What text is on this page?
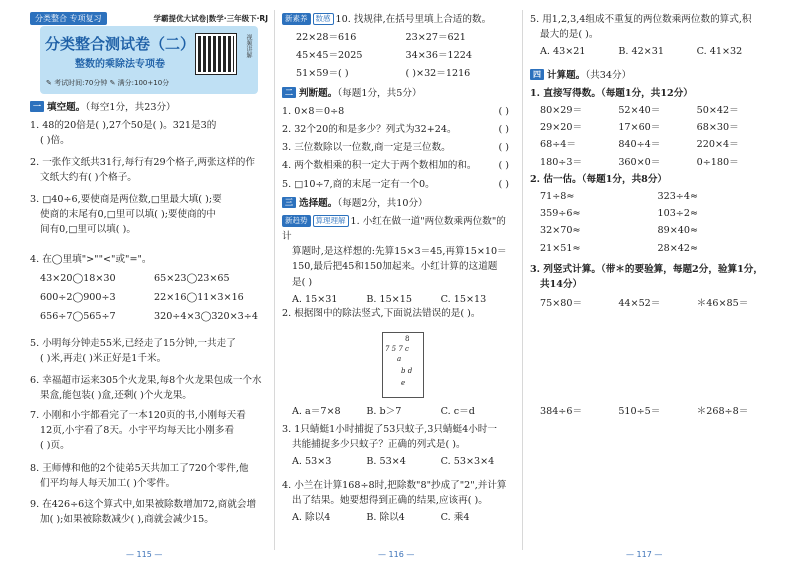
分类整合 专项复习	学霸提优大试卷|数学·三年级下·RJ
分类整合测试卷（二）
整数的乘除法专项卷
✎ 考试时间:70分钟 ✎ 满分:100+10分
视频讲解
一 填空题。（每空1分，共23分）
1. 48的20倍是( ),27个50是( )。321是3的
( )倍。
2. 一张作文纸共31行,每行有29个格子,两张这样的作
文纸大约有( )个格子。
3. □40÷6,要使商是两位数,□里最大填( );要
使商的末尾有0,□里可以填( );要使商的中
间有0,□里可以填( )。
4. 在◯里填">""<"或"="。
43×20◯18×30	65×23◯23×65
600÷2◯900÷3	22×16◯11×3×16
656÷7◯565÷7	320÷4×3◯320×3÷4
5. 小明每分钟走55米,已经走了15分钟,一共走了
( )米,再走( )米正好是1千米。
6. 幸福超市运来305个火龙果,每8个火龙果包成一个水
果盒,能包装( )盒,还剩( )个火龙果。
7. 小刚和小宇都看完了一本120页的书,小刚每天看
12页,小宇看了8天。小宇平均每天比小刚多看
( )页。
8. 王师傅和他的2个徒弟5天共加工了720个零件,他
们平均每人每天加工( )个零件。
9. 在426÷6这个算式中,如果被除数增加72,商就会增
加( );如果被除数减少( ),商就会减少15。
— 115 —
新素养 数感 10. 找规律,在括号里填上合适的数。
22×28＝616	23×27＝621
45×45＝2025	34×36＝1224
51×59＝( )	( )×32＝1216
二 判断题。（每题1分，共5分）
1. 0×8＝0÷8	( )
2. 32个20的和是多少？列式为32+24。	( )
3. 三位数除以一位数,商一定是三位数。	( )
4. 两个数相乘的积一定大于两个数相加的和。 ( )
5. □10÷7,商的末尾一定有一个0。	( )
三 选择题。（每题2分，共10分）
新趋势 算理理解 1. 小红在做一道"两位数乘两位数"的计
算题时,是这样想的:先算15×3＝45,再算15×10＝
150,最后把45和150加起来。小红计算的这道题
是( )
A. 15×31	B. 15×15	C. 15×13
2. 根据图中的除法竖式,下面说法错误的是( )。
8
7 5 7 c
a
b d
e
A. a＝7×8	B. b＞7	C. c＝d
3. 1只蜻蜓1小时捕捉了53只蚊子,3只蜻蜓4小时一
共能捕捉多少只蚊子？正确的列式是( )。
A. 53×3	B. 53×4	C. 53×3×4
4. 小兰在计算168÷8时,把除数"8"抄成了"2",并计算
出了结果。她要想得到正确的结果,应该再( )。
A. 除以4	B. 除以4	C. 乘4
— 116 —
5. 用1,2,3,4组成不重复的两位数乘两位数的算式,积
最大的是( )。
A. 43×21	B. 42×31	C. 41×32
四 计算题。（共34分）
1. 直接写得数。（每题1分，共12分）
80×29＝	52×40＝	50×42＝
29×20＝	17×60＝	68×30＝
68÷4＝	840÷4＝	220×4＝
180÷3＝	360×0＝	0÷180＝
2. 估一估。（每题1分，共8分）
71÷8≈	323÷4≈
359÷6≈	103÷2≈
32×70≈	89×40≈
21×51≈	28×42≈
3. 列竖式计算。（带＊的要验算，每题2分，验算1分，
共14分）
75×80＝	44×52＝	＊46×85＝
384÷6＝	510÷5＝	＊268÷8＝
— 117 —
